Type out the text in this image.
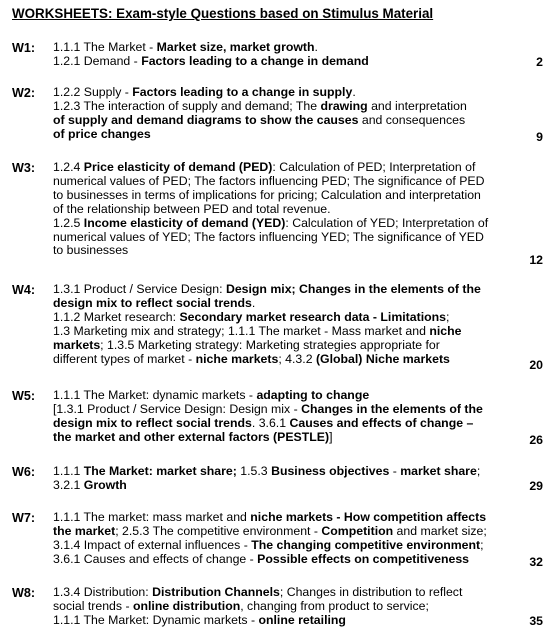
WORKSHEETS: Exam-style Questions based on Stimulus Material
W1: 1.1.1 The Market - Market size, market growth.
1.2.1 Demand - Factors leading to a change in demand	2
W2: 1.2.2 Supply - Factors leading to a change in supply.
1.2.3 The interaction of supply and demand; The drawing and interpretation
of supply and demand diagrams to show the causes and consequences
of price changes	9
W3: 1.2.4 Price elasticity of demand (PED): Calculation of PED; Interpretation of
numerical values of PED; The factors influencing PED; The significance of PED
to businesses in terms of implications for pricing; Calculation and interpretation
of the relationship between PED and total revenue.
1.2.5 Income elasticity of demand (YED): Calculation of YED; Interpretation of
numerical values of YED; The factors influencing YED; The significance of YED
to businesses
12
W4: 1.3.1 Product / Service Design: Design mix; Changes in the elements of the
design mix to reflect social trends.
1.1.2 Market research: Secondary market research data - Limitations;
1.3 Marketing mix and strategy; 1.1.1 The market - Mass market and niche
markets; 1.3.5 Marketing strategy: Marketing strategies appropriate for
different types of market - niche markets; 4.3.2 (Global) Niche markets	20
W5: 1.1.1 The Market: dynamic markets - adapting to change
[1.3.1 Product / Service Design: Design mix - Changes in the elements of the
design mix to reflect social trends. 3.6.1 Causes and effects of change –
the market and other external factors (PESTLE)]	26
W6: 1.1.1 The Market: market share; 1.5.3 Business objectives - market share;
3.2.1 Growth	29
W7: 1.1.1 The market: mass market and niche markets - How competition affects
the market; 2.5.3 The competitive environment - Competition and market size;
3.1.4 Impact of external influences - The changing competitive environment;
3.6.1 Causes and effects of change - Possible effects on competitiveness	32
W8: 1.3.4 Distribution: Distribution Channels; Changes in distribution to reflect
social trends - online distribution, changing from product to service;
1.1.1 The Market: Dynamic markets - online retailing	35
